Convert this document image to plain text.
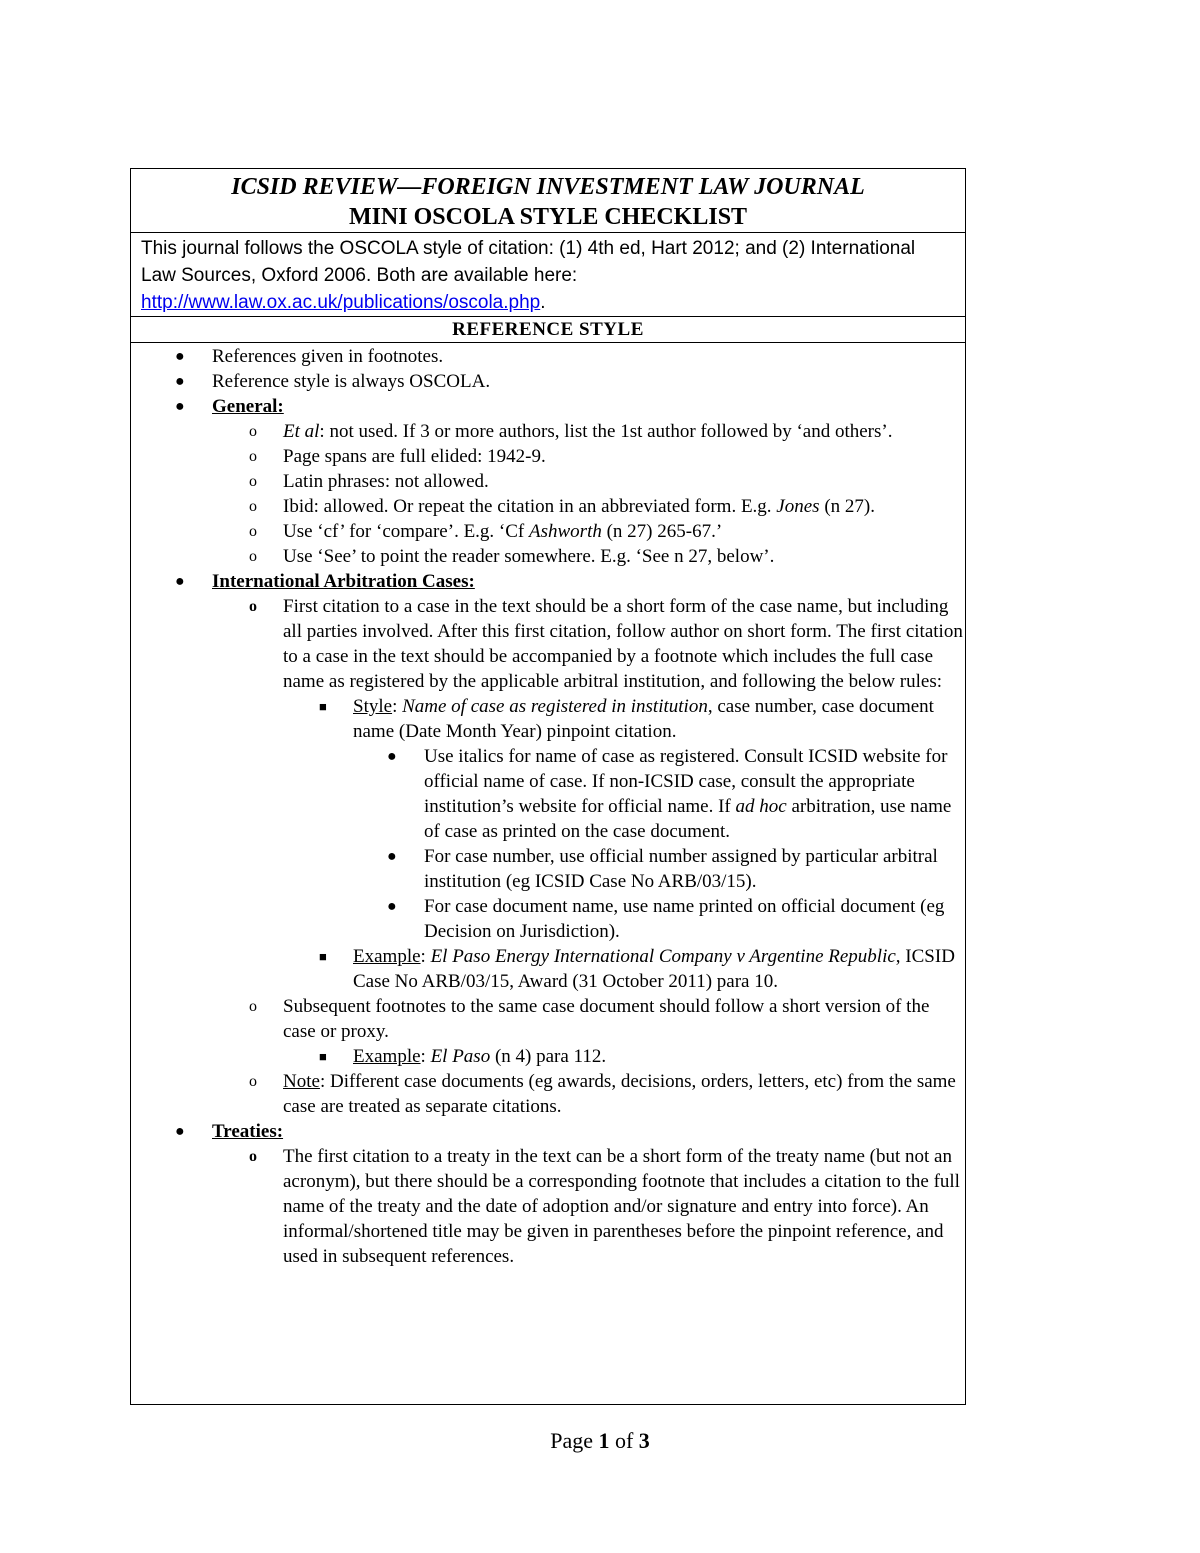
ICSID REVIEW—FOREIGN INVESTMENT LAW JOURNAL
MINI OSCOLA STYLE CHECKLIST
This journal follows the OSCOLA style of citation: (1) 4th ed, Hart 2012; and (2) International Law Sources, Oxford 2006. Both are available here:
http://www.law.ox.ac.uk/publications/oscola.php.
REFERENCE STYLE
● References given in footnotes.
● Reference style is always OSCOLA.
● General:
o Et al: not used. If 3 or more authors, list the 1st author followed by ‘and others’.
o Page spans are full elided: 1942-9.
o Latin phrases: not allowed.
o Ibid: allowed. Or repeat the citation in an abbreviated form. E.g. Jones (n 27).
o Use ‘cf’ for ‘compare’. E.g. ‘Cf Ashworth (n 27) 265-67.’
o Use ‘See’ to point the reader somewhere. E.g. ‘See n 27, below’.
● International Arbitration Cases:
o First citation to a case in the text should be a short form of the case name, but including all parties involved. After this first citation, follow author on short form. The first citation to a case in the text should be accompanied by a footnote which includes the full case name as registered by the applicable arbitral institution, and following the below rules:
■ Style: Name of case as registered in institution, case number, case document name (Date Month Year) pinpoint citation.
● Use italics for name of case as registered. Consult ICSID website for official name of case. If non-ICSID case, consult the appropriate institution’s website for official name. If ad hoc arbitration, use name of case as printed on the case document.
● For case number, use official number assigned by particular arbitral institution (eg ICSID Case No ARB/03/15).
● For case document name, use name printed on official document (eg Decision on Jurisdiction).
■ Example: El Paso Energy International Company v Argentine Republic, ICSID Case No ARB/03/15, Award (31 October 2011) para 10.
o Subsequent footnotes to the same case document should follow a short version of the case or proxy.
■ Example: El Paso (n 4) para 112.
o Note: Different case documents (eg awards, decisions, orders, letters, etc) from the same case are treated as separate citations.
● Treaties:
o The first citation to a treaty in the text can be a short form of the treaty name (but not an acronym), but there should be a corresponding footnote that includes a citation to the full name of the treaty and the date of adoption and/or signature and entry into force). An informal/shortened title may be given in parentheses before the pinpoint reference, and used in subsequent references.
Page 1 of 3
